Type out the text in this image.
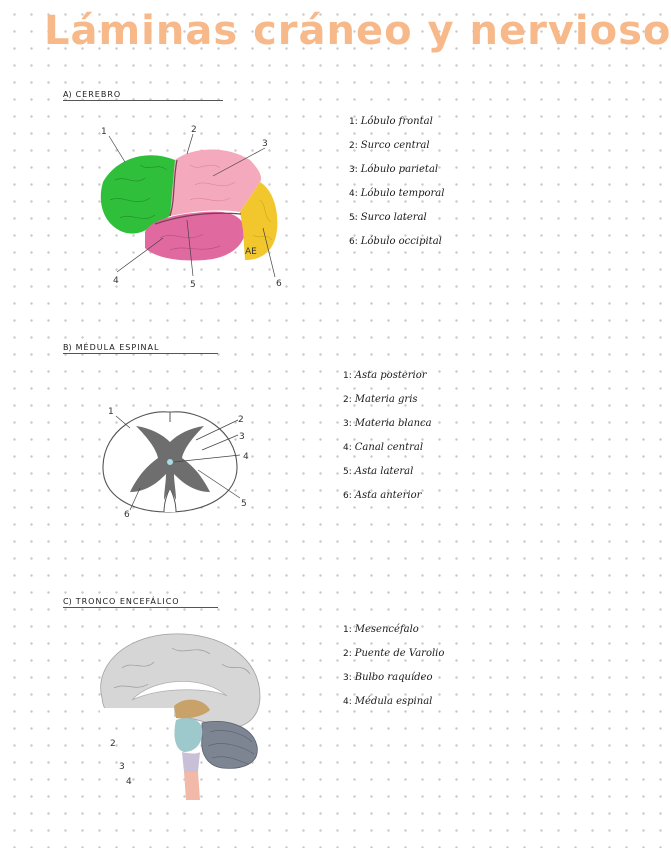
Láminas cráneo y nervioso
A) CEREBRO
AE
1	2
3
4	5	6
1: Lóbulo frontal
2: Surco central
3: Lóbulo parietal
4: Lóbulo temporal
5: Surco lateral
6: Lóbulo occipital
B) MÉDULA ESPINAL
1
2
3
4
5
6
1: Asta posterior
2: Materia gris
3: Materia blanca
4: Canal central
5: Asta lateral
6: Asta anterior
C) TRONCO ENCEFÁLICO
2
3
4
1: Mesencéfalo
2: Puente de Varolio
3: Bulbo raquídeo
4: Médula espinal
